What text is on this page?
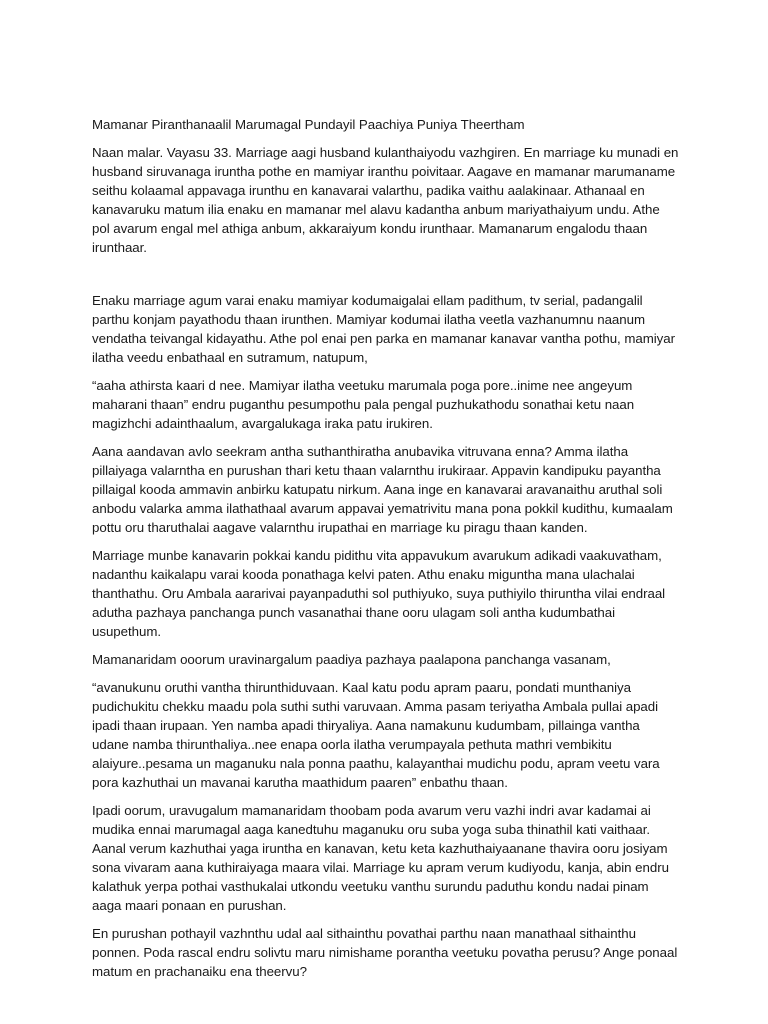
Mamanar Piranthanaalil Marumagal Pundayil Paachiya Puniya Theertham

Naan malar. Vayasu 33. Marriage aagi husband kulanthaiyodu vazhgiren. En marriage ku munadi en husband siruvanaga iruntha pothe en mamiyar iranthu poivitaar. Aagave en mamanar marumaname seithu kolaamal appavaga irunthu en kanavarai valarthu, padika vaithu aalakinaar. Athanaal en kanavaruku matum ilia enaku en mamanar mel alavu kadantha anbum mariyathaiyum undu. Athe pol avarum engal mel athiga anbum, akkaraiyum kondu irunthaar. Mamanarum engalodu thaan irunthaar.

Enaku marriage agum varai enaku mamiyar kodumaigalai ellam padithum, tv serial, padangalil parthu konjam payathodu thaan irunthen. Mamiyar kodumai ilatha veetla vazhanumnu naanum vendatha teivangal kidayathu. Athe pol enai pen parka en mamanar kanavar vantha pothu, mamiyar ilatha veedu enbathaal en sutramum, natupum,

“aaha athirsta kaari d nee. Mamiyar ilatha veetuku marumala poga pore..inime nee angeyum maharani thaan” endru puganthu pesumpothu pala pengal puzhukathodu sonathai ketu naan magizhchi adainthaalum, avargalukaga iraka patu irukiren.

Aana aandavan avlo seekram antha suthanthiratha anubavika vitruvana enna? Amma ilatha pillaiyaga valarntha en purushan thari ketu thaan valarnthu irukiraar. Appavin kandipuku payantha pillaigal kooda ammavin anbirku katupatu nirkum. Aana inge en kanavarai aravanaithu aruthal soli anbodu valarka amma ilathathaal avarum appavai yematrivitu mana pona pokkil kudithu, kumaalam pottu oru tharuthalai aagave valarnthu irupathai en marriage ku piragu thaan kanden.

Marriage munbe kanavarin pokkai kandu pidithu vita appavukum avarukum adikadi vaakuvatham, nadanthu kaikalapu varai kooda ponathaga kelvi paten. Athu enaku miguntha mana ulachalai thanthathu. Oru Ambala aararivai payanpaduthi sol puthiyuko, suya puthiyilo thiruntha vilai endraal adutha pazhaya panchanga punch vasanathai thane ooru ulagam soli antha kudumbathai usupethum.

Mamanaridam ooorum uravinargalum paadiya pazhaya paalapona panchanga vasanam,

“avanukunu oruthi vantha thirunthiduvaan. Kaal katu podu apram paaru, pondati munthaniya pudichukitu chekku maadu pola suthi suthi varuvaan. Amma pasam teriyatha Ambala pullai apadi ipadi thaan irupaan. Yen namba apadi thiryaliya. Aana namakunu kudumbam, pillainga vantha udane namba thirunthaliya..nee enapa oorla ilatha verumpayala pethuta mathri vembikitu alaiyure..pesama un maganuku nala ponna paathu, kalayanthai mudichu podu, apram veetu vara pora kazhuthai un mavanai karutha maathidum paaren” enbathu thaan.

Ipadi oorum, uravugalum mamanaridam thoobam poda avarum veru vazhi indri avar kadamai ai mudika ennai marumagal aaga kanedtuhu maganuku oru suba yoga suba thinathil kati vaithaar. Aanal verum kazhuthai yaga iruntha en kanavan, ketu keta kazhuthaiyaanane thavira ooru josiyam sona vivaram aana kuthiraiyaga maara vilai. Marriage ku apram verum kudiyodu, kanja, abin endru kalathuk yerpa pothai vasthukalai utkondu veetuku vanthu surundu paduthu kondu nadai pinam aaga maari ponaan en purushan.

En purushan pothayil vazhnthu udal aal sithainthu povathai parthu naan manathaal sithainthu ponnen. Poda rascal endru solivtu maru nimishame porantha veetuku povatha perusu? Ange ponaal matum en prachanaiku ena theervu?
